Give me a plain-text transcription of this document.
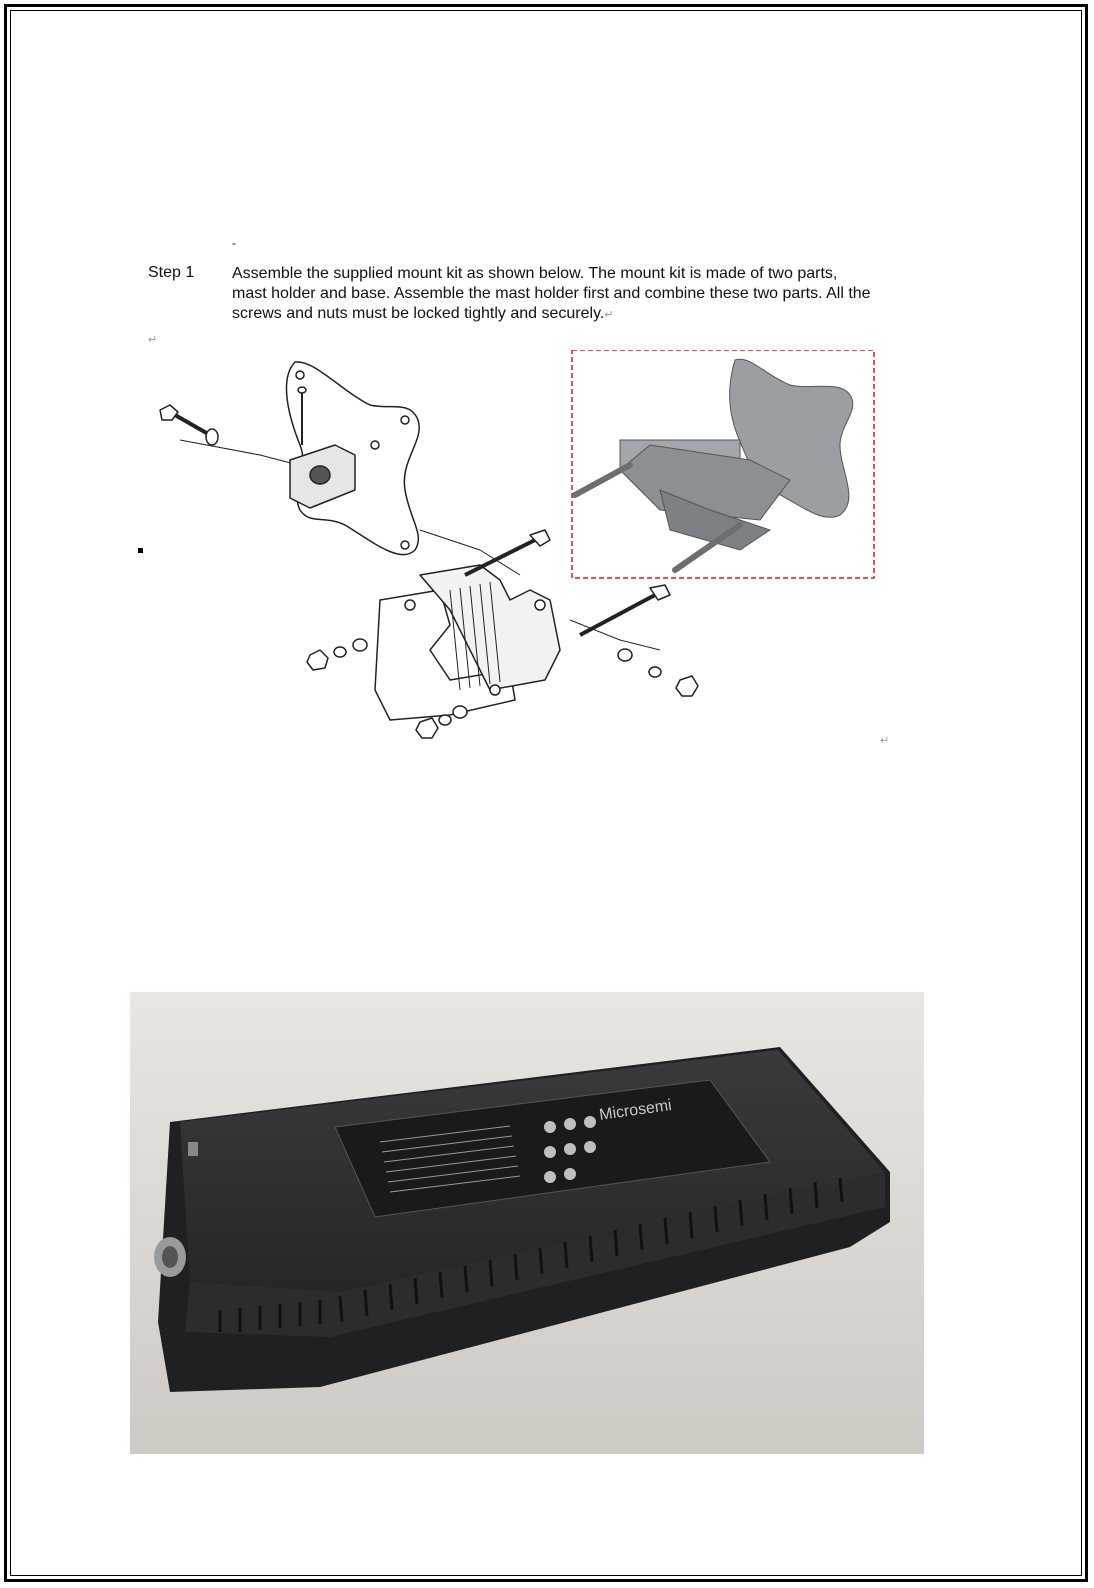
-
Step 1 Assemble the supplied mount kit as shown below. The mount kit is made of two parts,
mast holder and base. Assemble the mast holder first and combine these two parts. All the
screws and nuts must be locked tightly and securely.↵
↵
↵
Microsemi
